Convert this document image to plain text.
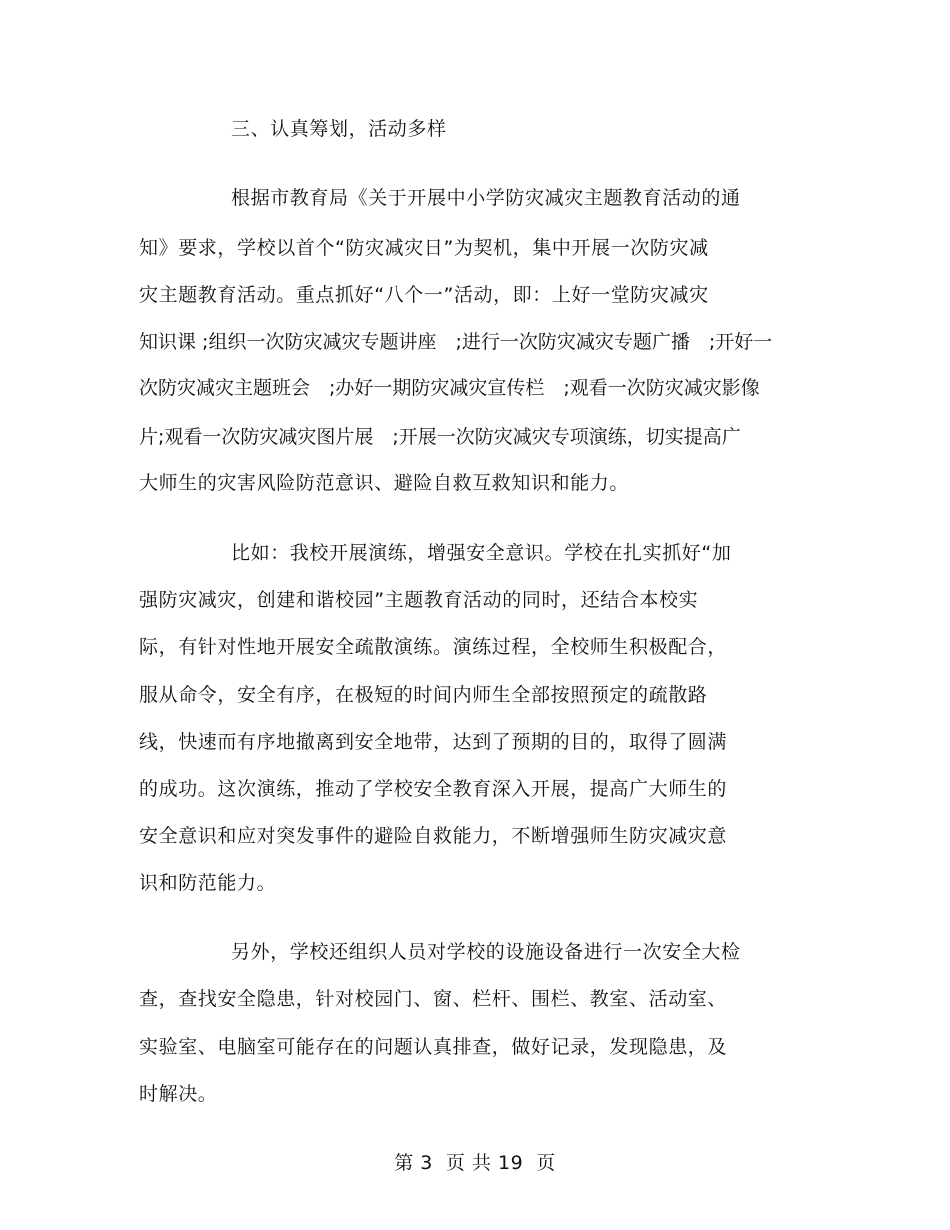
三、认真筹划，活动多样
根据市教育局《关于开展中小学防灾减灾主题教育活动的通
知》要求，学校以首个“防灾减灾日”为契机，集中开展一次防灾减
灾主题教育活动。重点抓好“八个一”活动，即：上好一堂防灾减灾
知识课 ;组织一次防灾减灾专题讲座　;进行一次防灾减灾专题广播　;开好一
次防灾减灾主题班会　;办好一期防灾减灾宣传栏　;观看一次防灾减灾影像
片;观看一次防灾减灾图片展　;开展一次防灾减灾专项演练，切实提高广
大师生的灾害风险防范意识、避险自救互救知识和能力。
比如：我校开展演练，增强安全意识。学校在扎实抓好“加
强防灾减灾，创建和谐校园”主题教育活动的同时，还结合本校实
际，有针对性地开展安全疏散演练。演练过程，全校师生积极配合，
服从命令，安全有序，在极短的时间内师生全部按照预定的疏散路
线，快速而有序地撤离到安全地带，达到了预期的目的，取得了圆满
的成功。这次演练，推动了学校安全教育深入开展，提高广大师生的
安全意识和应对突发事件的避险自救能力，不断增强师生防灾减灾意
识和防范能力。
另外，学校还组织人员对学校的设施设备进行一次安全大检
查，查找安全隐患，针对校园门、窗、栏杆、围栏、教室、活动室、
实验室、电脑室可能存在的问题认真排查，做好记录，发现隐患，及
时解决。
第 3  页 共 19  页
